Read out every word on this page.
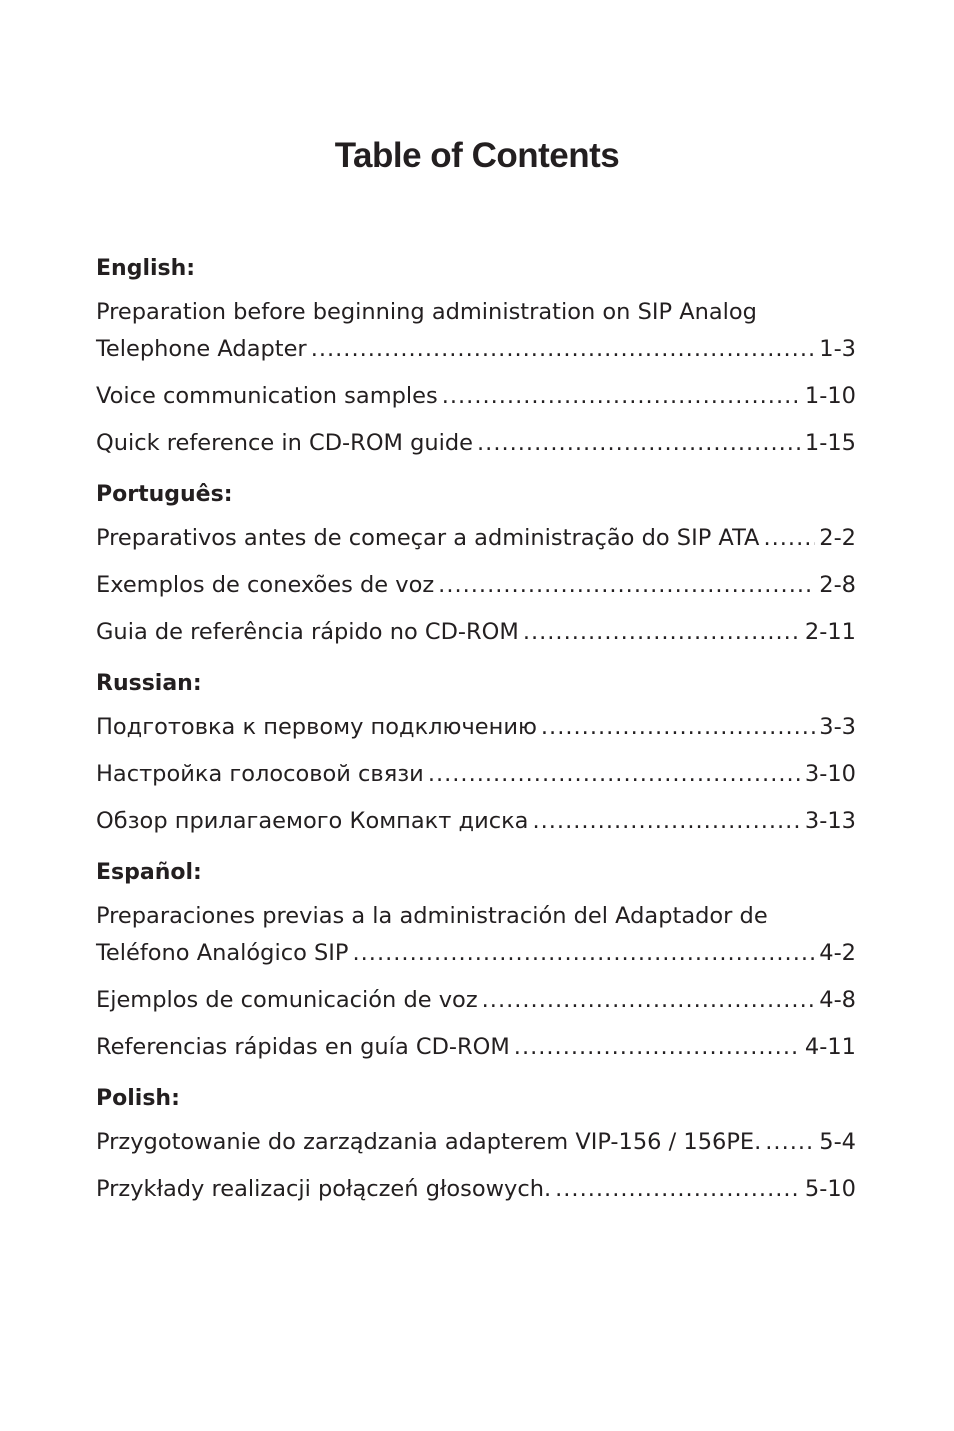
Table of Contents
English:
Preparation before beginning administration on SIP Analog
Telephone Adapter .....	1-3
Voice communication samples .....	1-10
Quick reference in CD-ROM guide .....	1-15
Português:
Preparativos antes de começar a administração do SIP ATA .....	2-2
Exemplos de conexões de voz .....	2-8
Guia de referência rápido no CD-ROM .....	2-11
Russian:
Подготовка к первому подключению .....	3-3
Настройка голосовой связи .....	3-10
Обзор прилагаемого Компакт диска .....	3-13
Español:
Preparaciones previas a la administración del Adaptador de
Teléfono Analógico SIP .....	4-2
Ejemplos de comunicación de voz .....	4-8
Referencias rápidas en guía CD-ROM .....	4-11
Polish:
Przygotowanie do zarządzania adapterem VIP-156 / 156PE. .....	5-4
Przykłady realizacji połączeń głosowych. .....	5-10
